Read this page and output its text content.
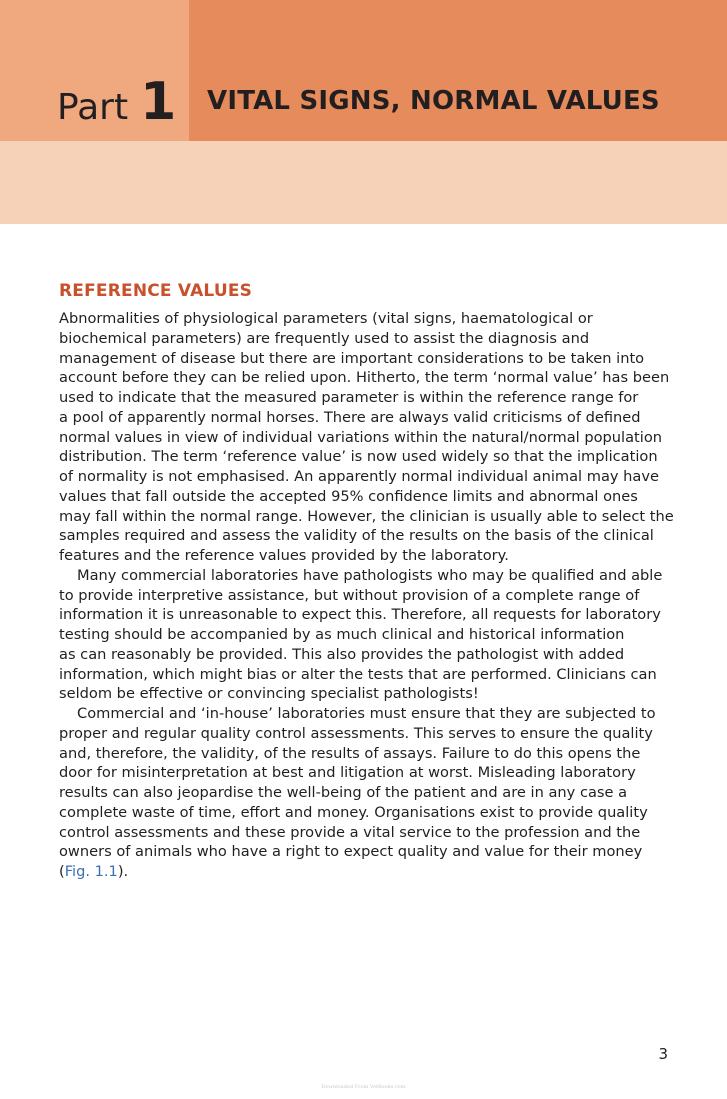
Part 1 VITAL SIGNS, NORMAL VALUES
REFERENCE VALUES

Abnormalities of physiological parameters (vital signs, haematological or
biochemical parameters) are frequently used to assist the diagnosis and
management of disease but there are important considerations to be taken into
account before they can be relied upon. Hitherto, the term ‘normal value’ has been
used to indicate that the measured parameter is within the reference range for
a pool of apparently normal horses. There are always valid criticisms of defined
normal values in view of individual variations within the natural/normal population
distribution. The term ‘reference value’ is now used widely so that the implication
of normality is not emphasised. An apparently normal individual animal may have
values that fall outside the accepted 95% confidence limits and abnormal ones
may fall within the normal range. However, the clinician is usually able to select the
samples required and assess the validity of the results on the basis of the clinical
features and the reference values provided by the laboratory.

Many commercial laboratories have pathologists who may be qualified and able
to provide interpretive assistance, but without provision of a complete range of
information it is unreasonable to expect this. Therefore, all requests for laboratory
testing should be accompanied by as much clinical and historical information
as can reasonably be provided. This also provides the pathologist with added
information, which might bias or alter the tests that are performed. Clinicians can
seldom be effective or convincing specialist pathologists!

Commercial and ‘in-house’ laboratories must ensure that they are subjected to
proper and regular quality control assessments. This serves to ensure the quality
and, therefore, the validity, of the results of assays. Failure to do this opens the
door for misinterpretation at best and litigation at worst. Misleading laboratory
results can also jeopardise the well-being of the patient and are in any case a
complete waste of time, effort and money. Organisations exist to provide quality
control assessments and these provide a vital service to the profession and the
owners of animals who have a right to expect quality and value for their money
(Fig. 1.1).

3
Downloaded From VetBooks.com
